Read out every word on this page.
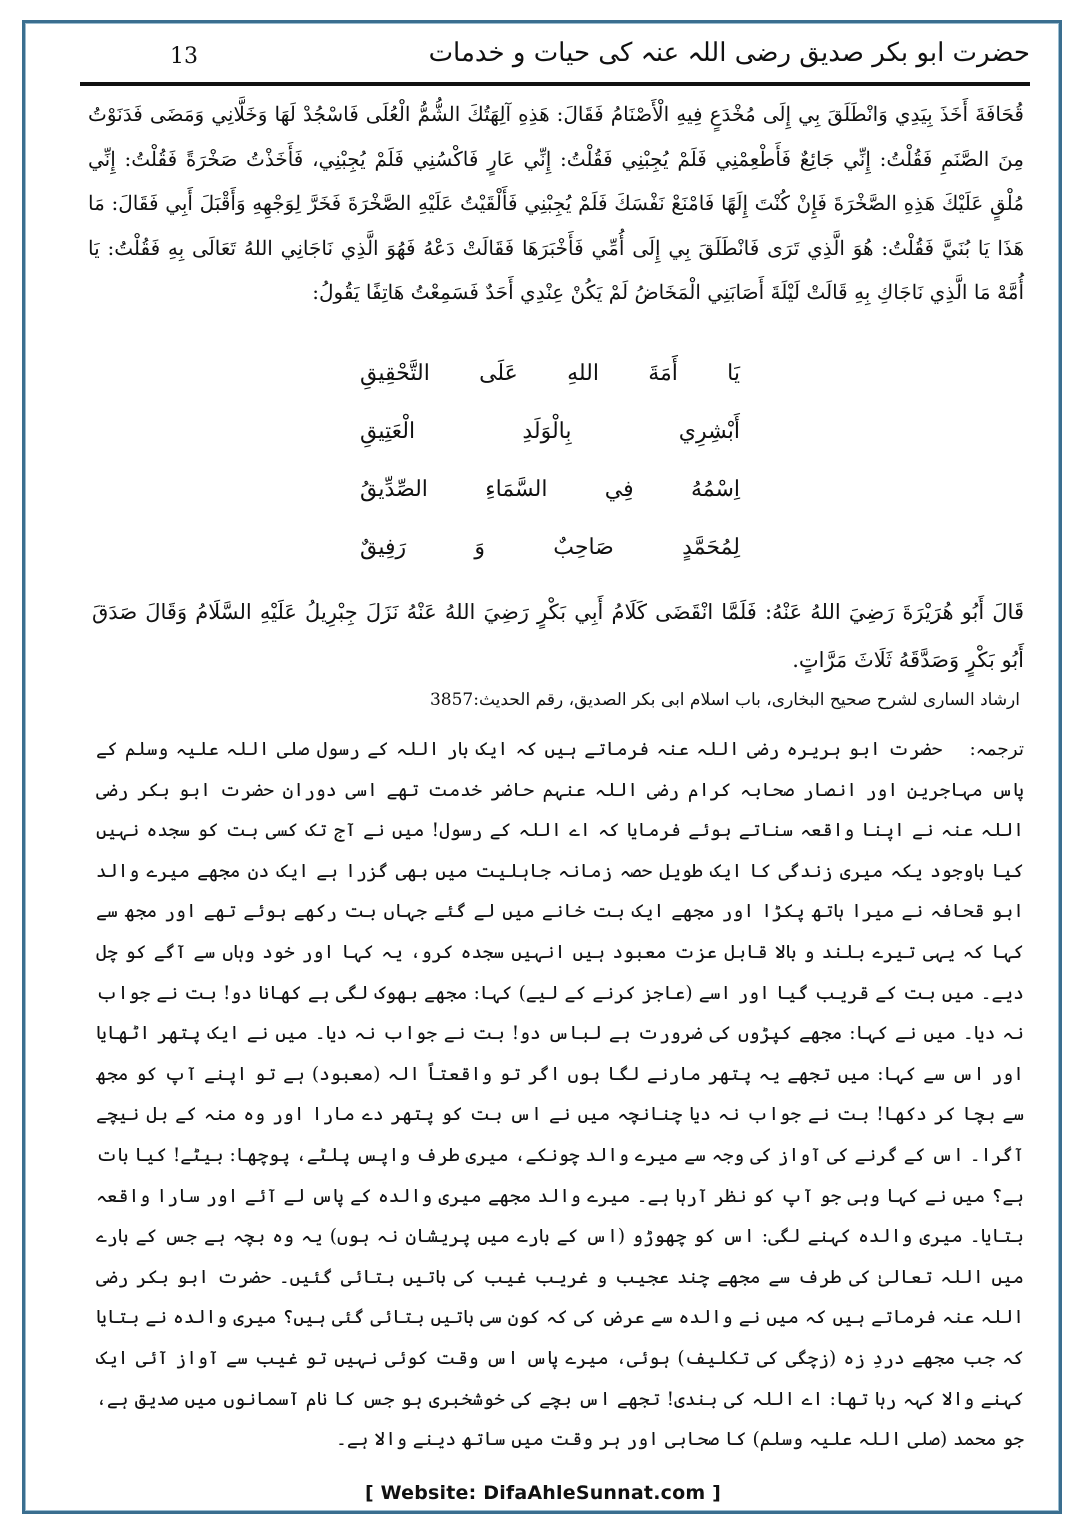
13	حضرت ابو بکر صدیق رضی اللہ عنہ کی حیات و خدمات

قُحَافَةَ أَخَذَ بِيَدِي وَانْطَلَقَ بِي إِلَى مُخْدَعٍ فِيهِ الْأَصْنَامُ فَقَالَ: هَذِهِ آلِهَتُكَ الشُّمُّ الْعُلَى فَاسْجُدْ لَهَا وَخَلَّانِي وَمَضَى فَدَنَوْتُ مِنَ الصَّنَمِ فَقُلْتُ: إِنِّي جَائِعٌ فَأَطْعِمْنِي فَلَمْ يُجِبْنِي فَقُلْتُ: إِنِّي عَارٍ فَاكْسُنِي فَلَمْ يُجِبْنِي، فَأَخَذْتُ صَخْرَةً فَقُلْتُ: إِنِّي مُلْقٍ عَلَيْكَ هَذِهِ الصَّخْرَةَ فَإِنْ كُنْتَ إِلَهًا فَامْنَعْ نَفْسَكَ فَلَمْ يُجِبْنِي فَأَلْقَيْتُ عَلَيْهِ الصَّخْرَةَ فَخَرَّ لِوَجْهِهِ وَأَقْبَلَ أَبِي فَقَالَ: مَا هَذَا يَا بُنَيَّ فَقُلْتُ: هُوَ الَّذِي تَرَى فَانْطَلَقَ بِي إِلَى أُمِّي فَأَخْبَرَهَا فَقَالَتْ دَعْهُ فَهُوَ الَّذِي نَاجَانِي اللهُ تَعَالَى بِهِ فَقُلْتُ: يَا أُمَّهْ مَا الَّذِي نَاجَاكِ بِهِ قَالَتْ لَيْلَةَ أَصَابَنِي الْمَخَاضُ لَمْ يَكُنْ عِنْدِي أَحَدٌ فَسَمِعْتُ هَاتِفًا يَقُولُ:

يَا
أَمَةَ
اللهِ
عَلَى
التَّحْقِيقِ
أَبْشِرِي
بِالْوَلَدِ
الْعَتِيقِ
اِسْمُهُ
فِي
السَّمَاءِ
الصِّدِّيقُ
لِمُحَمَّدٍ
صَاحِبٌ
وَ
رَفِيقٌ

قَالَ أَبُو هُرَيْرَةَ رَضِيَ اللهُ عَنْهُ: فَلَمَّا انْقَضَى كَلَامُ أَبِي بَكْرٍ رَضِيَ اللهُ عَنْهُ نَزَلَ جِبْرِيلُ عَلَيْهِ السَّلَامُ وَقَالَ صَدَقَ أَبُو بَكْرٍ وَصَدَّقَهُ ثَلَاثَ مَرَّاتٍ.

ارشاد الساری لشرح صحیح البخاری، باب اسلام ابی بکر الصدیق، رقم الحدیث:3857

ترجمہ: حضرت ابو ہریرہ رضی اللہ عنہ فرماتے ہیں کہ ایک بار اللہ کے رسول صلی اللہ علیہ وسلم کے پاس مہاجرین اور انصار صحابہ کرام رضی اللہ عنہم حاضر خدمت تھے اسی دوران حضرت ابو بکر رضی اللہ عنہ نے اپنا واقعہ سناتے ہوئے فرمایا کہ اے اللہ کے رسول! میں نے آج تک کسی بت کو سجدہ نہیں کیا باوجود یکہ میری زندگی کا ایک طویل حصہ زمانہ جاہلیت میں بھی گزرا ہے ایک دن مجھے میرے والد ابو قحافہ نے میرا ہاتھ پکڑا اور مجھے ایک بت خانے میں لے گئے جہاں بت رکھے ہوئے تھے اور مجھ سے کہا کہ یہی تیرے بلند و بالا قابل عزت معبود ہیں انہیں سجدہ کرو، یہ کہا اور خود وہاں سے آگے کو چل دیے۔ میں بت کے قریب گیا اور اسے (عاجز کرنے کے لیے) کہا: مجھے بھوک لگی ہے کھانا دو! بت نے جواب نہ دیا۔ میں نے کہا: مجھے کپڑوں کی ضرورت ہے لباس دو! بت نے جواب نہ دیا۔ میں نے ایک پتھر اٹھایا اور اس سے کہا: میں تجھے یہ پتھر مارنے لگا ہوں اگر تو واقعتاً الہ (معبود) ہے تو اپنے آپ کو مجھ سے بچا کر دکھا! بت نے جواب نہ دیا چنانچہ میں نے اس بت کو پتھر دے مارا اور وہ منہ کے بل نیچے آگرا۔ اس کے گرنے کی آواز کی وجہ سے میرے والد چونکے، میری طرف واپس پلٹے، پوچھا: بیٹے! کیا بات ہے؟ میں نے کہا وہی جو آپ کو نظر آرہا ہے۔ میرے والد مجھے میری والدہ کے پاس لے آئے اور سارا واقعہ بتایا۔ میری والدہ کہنے لگی: اس کو چھوڑو (اس کے بارے میں پریشان نہ ہوں) یہ وہ بچہ ہے جس کے بارے میں اللہ تعالیٰ کی طرف سے مجھے چند عجیب و غریب غیب کی باتیں بتائی گئیں۔ حضرت ابو بکر رضی اللہ عنہ فرماتے ہیں کہ میں نے والدہ سے عرض کی کہ کون سی باتیں بتائی گئی ہیں؟ میری والدہ نے بتایا کہ جب مجھے دردِ زہ (زچگی کی تکلیف) ہوئی، میرے پاس اس وقت کوئی نہیں تو غیب سے آواز آئی ایک کہنے والا کہہ رہا تھا: اے اللہ کی بندی! تجھے اس بچے کی خوشخبری ہو جس کا نام آسمانوں میں صدیق ہے، جو محمد (صلی اللہ علیہ وسلم) کا صحابی اور ہر وقت میں ساتھ دینے والا ہے۔

[ Website: DifaAhleSunnat.com ]
